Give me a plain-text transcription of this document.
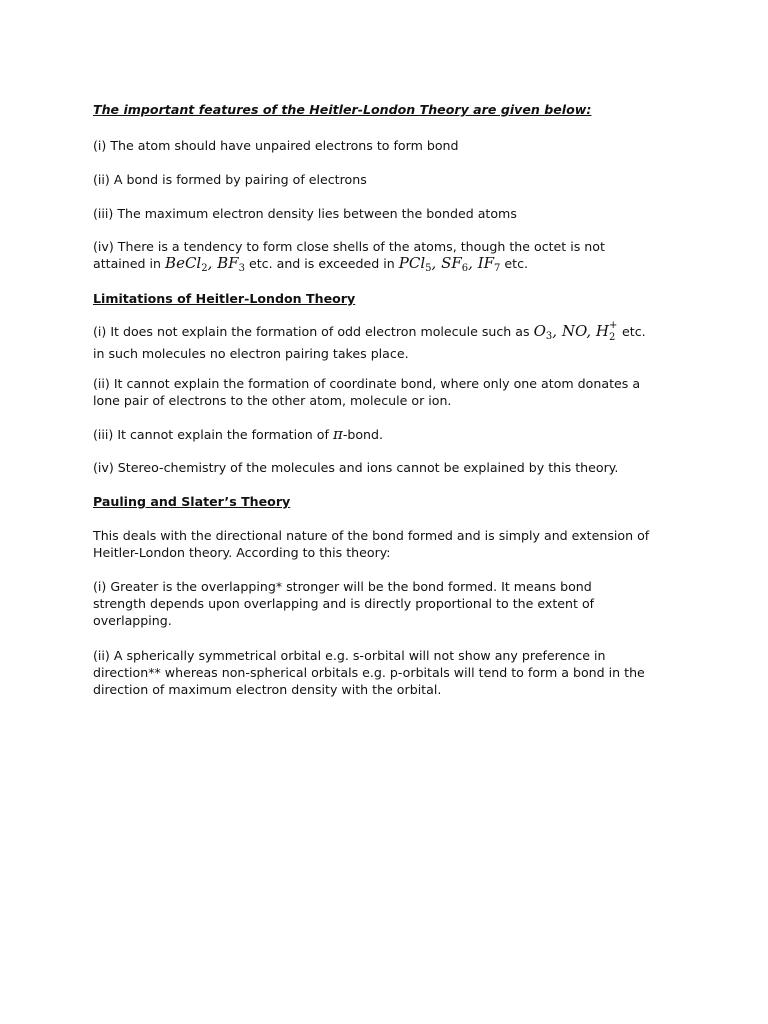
The important features of the Heitler-London Theory are given below:

(i) The atom should have unpaired electrons to form bond

(ii) A bond is formed by pairing of electrons

(iii) The maximum electron density lies between the bonded atoms

(iv) There is a tendency to form close shells of the atoms, though the octet is not

attained in BeCl$_2$, $BF_3$ etc. and is exceeded in PCl$_5$, $SF_6$, $IF_7$ etc.

Limitations of Heitler-London Theory

(i) It does not explain the formation of odd electron molecule such as $O_3$, NO, H +
2 etc.

in such molecules no electron pairing takes place.

(ii) It cannot explain the formation of coordinate bond, where only one atom donates a

lone pair of electrons to the other atom, molecule or ion.

(iii) It cannot explain the formation of π-bond.

(iv) Stereo-chemistry of the molecules and ions cannot be explained by this theory.

Pauling and Slater’s Theory

This deals with the directional nature of the bond formed and is simply and extension of

Heitler-London theory. According to this theory:

(i) Greater is the overlapping* stronger will be the bond formed. It means bond

strength depends upon overlapping and is directly proportional to the extent of

overlapping.

(ii) A spherically symmetrical orbital e.g. s-orbital will not show any preference in

direction** whereas non-spherical orbitals e.g. p-orbitals will tend to form a bond in the

direction of maximum electron density with the orbital.
